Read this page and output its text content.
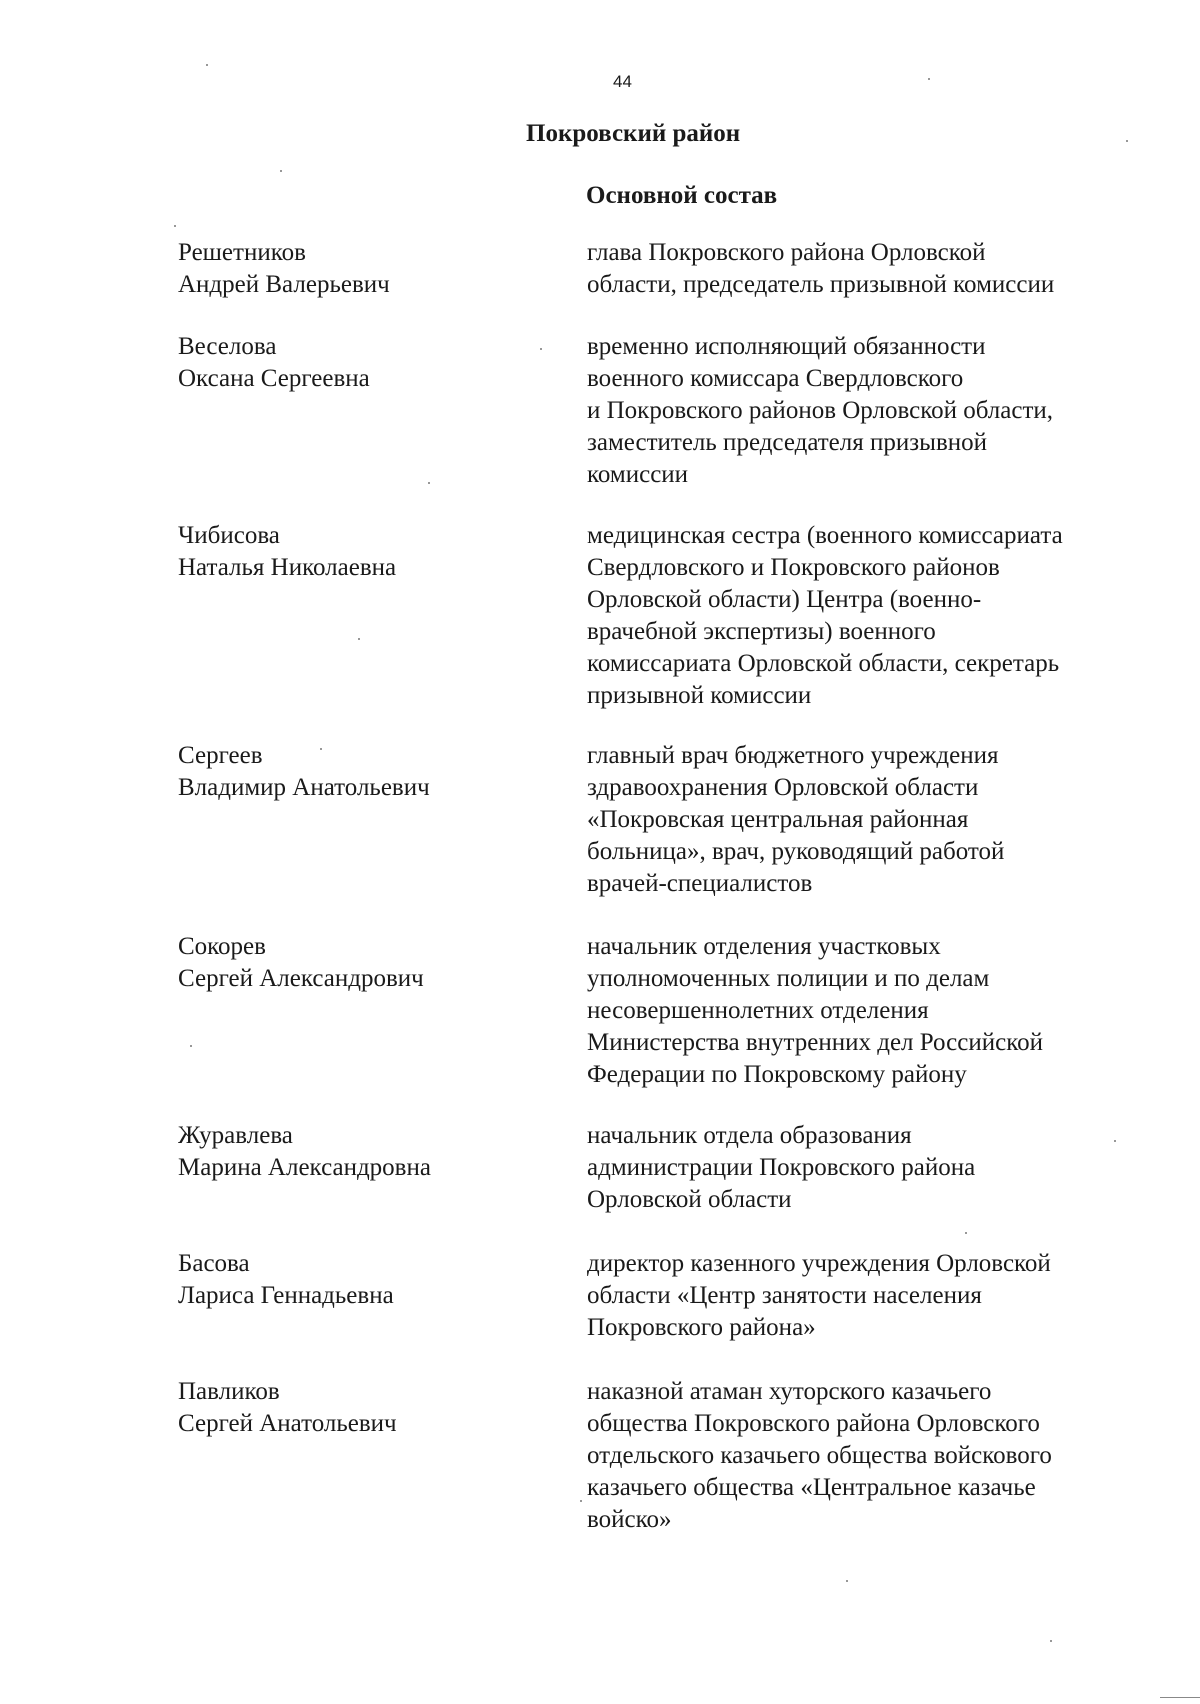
44
Покровский район
Основной состав
Решетников
Андрей Валерьевич
глава Покровского района Орловской
области, председатель призывной комиссии
Веселова
Оксана Сергеевна
временно исполняющий обязанности
военного комиссара Свердловского
и Покровского районов Орловской области,
заместитель председателя призывной
комиссии
Чибисова
Наталья Николаевна
медицинская сестра (военного комиссариата
Свердловского и Покровского районов
Орловской области) Центра (военно-
врачебной экспертизы) военного
комиссариата Орловской области, секретарь
призывной комиссии
Сергеев
Владимир Анатольевич
главный врач бюджетного учреждения
здравоохранения Орловской области
«Покровская центральная районная
больница», врач, руководящий работой
врачей-специалистов
Сокорев
Сергей Александрович
начальник отделения участковых
уполномоченных полиции и по делам
несовершеннолетних отделения
Министерства внутренних дел Российской
Федерации по Покровскому району
Журавлева
Марина Александровна
начальник отдела образования
администрации Покровского района
Орловской области
Басова
Лариса Геннадьевна
директор казенного учреждения Орловской
области «Центр занятости населения
Покровского района»
Павликов
Сергей Анатольевич
наказной атаман хуторского казачьего
общества Покровского района Орловского
отдельского казачьего общества войскового
казачьего общества «Центральное казачье
войско»
